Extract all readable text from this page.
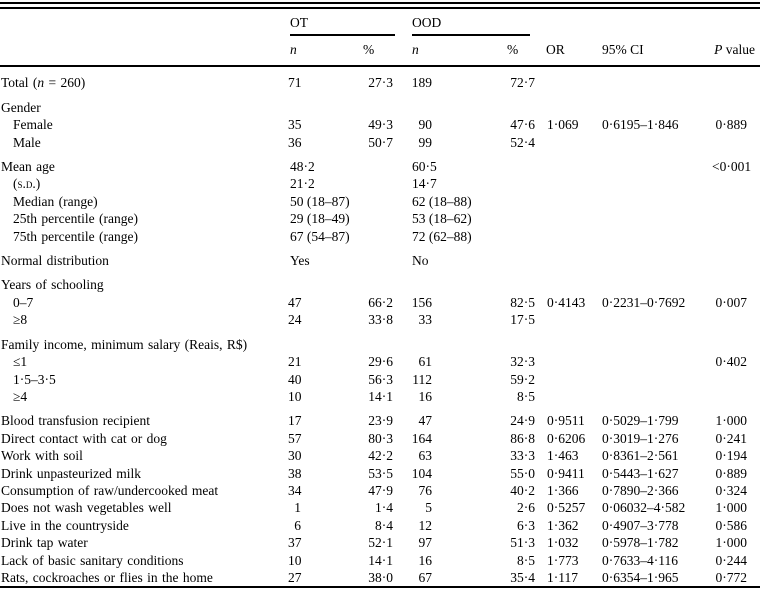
	OT		OOD				

	n	%	n	%	OR	95% CI	P value
Total (n = 260)	71	27·3	189	72·7			
Gender							
Female	35	49·3	90	47·6	1·069	0·6195–1·846	0·889
Male	36	50·7	99	52·4			
Mean age	48·2		60·5				<0·001
(s.d.)	21·2		14·7				
Median (range)	50 (18–87)		62 (18–88)				
25th percentile (range)	29 (18–49)		53 (18–62)				
75th percentile (range)	67 (54–87)		72 (62–88)				
Normal distribution	Yes		No				
Years of schooling							
0–7	47	66·2	156	82·5	0·4143	0·2231–0·7692	0·007
≥8	24	33·8	33	17·5			
Family income, minimum salary (Reais, R$)							
≤1	21	29·6	61	32·3			0·402
1·5–3·5	40	56·3	112	59·2			
≥4	10	14·1	16	8·5			
Blood transfusion recipient	17	23·9	47	24·9	0·9511	0·5029–1·799	1·000
Direct contact with cat or dog	57	80·3	164	86·8	0·6206	0·3019–1·276	0·241
Work with soil	30	42·2	63	33·3	1·463	0·8361–2·561	0·194
Drink unpasteurized milk	38	53·5	104	55·0	0·9411	0·5443–1·627	0·889
Consumption of raw/undercooked meat	34	47·9	76	40·2	1·366	0·7890–2·366	0·324
Does not wash vegetables well	1	1·4	5	2·6	0·5257	0·06032–4·582	1·000
Live in the countryside	6	8·4	12	6·3	1·362	0·4907–3·778	0·586
Drink tap water	37	52·1	97	51·3	1·032	0·5978–1·782	1·000
Lack of basic sanitary conditions	10	14·1	16	8·5	1·773	0·7633–4·116	0·244
Rats, cockroaches or flies in the home	27	38·0	67	35·4	1·117	0·6354–1·965	0·772
